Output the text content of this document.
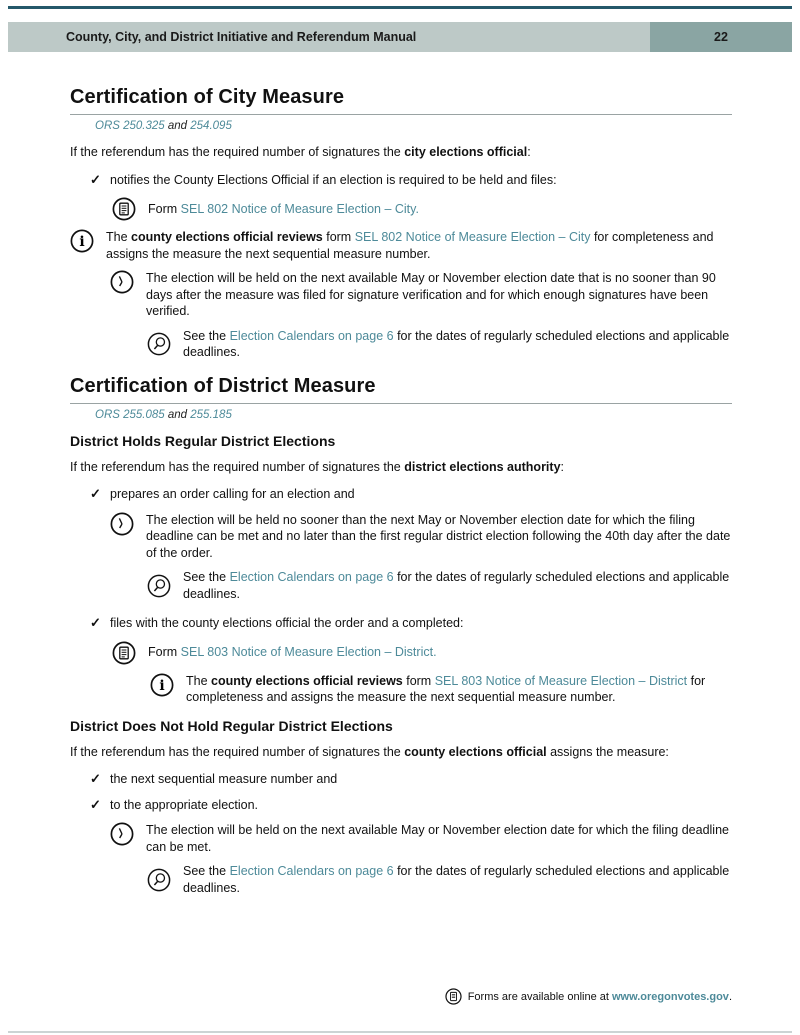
County, City, and District Initiative and Referendum Manual	22
Certification of City Measure

ORS 250.325 and 254.095

If the referendum has the required number of signatures the city elections official:

✓ notifies the County Elections Official if an election is required to be held and files:
Form SEL 802 Notice of Measure Election – City.
i The county elections official reviews form SEL 802 Notice of Measure Election – City for completeness and assigns the measure the next sequential measure number.
The election will be held on the next available May or November election date that is no sooner than 90 days after the measure was filed for signature verification and for which enough signatures have been verified.
See the Election Calendars on page 6 for the dates of regularly scheduled elections and applicable deadlines.
Certification of District Measure

ORS 255.085 and 255.185

District Holds Regular District Elections

If the referendum has the required number of signatures the district elections authority:

✓ prepares an order calling for an election and
The election will be held no sooner than the next May or November election date for which the filing deadline can be met and no later than the first regular district election following the 40th day after the date of the order.
See the Election Calendars on page 6 for the dates of regularly scheduled elections and applicable deadlines.
✓ files with the county elections official the order and a completed:
Form SEL 803 Notice of Measure Election – District.
i The county elections official reviews form SEL 803 Notice of Measure Election – District for completeness and assigns the measure the next sequential measure number.
District Does Not Hold Regular District Elections

If the referendum has the required number of signatures the county elections official assigns the measure:

✓ the next sequential measure number and
✓ to the appropriate election.
The election will be held on the next available May or November election date for which the filing deadline can be met.
See the Election Calendars on page 6 for the dates of regularly scheduled elections and applicable deadlines.
Forms are available online at www.oregonvotes.gov.
